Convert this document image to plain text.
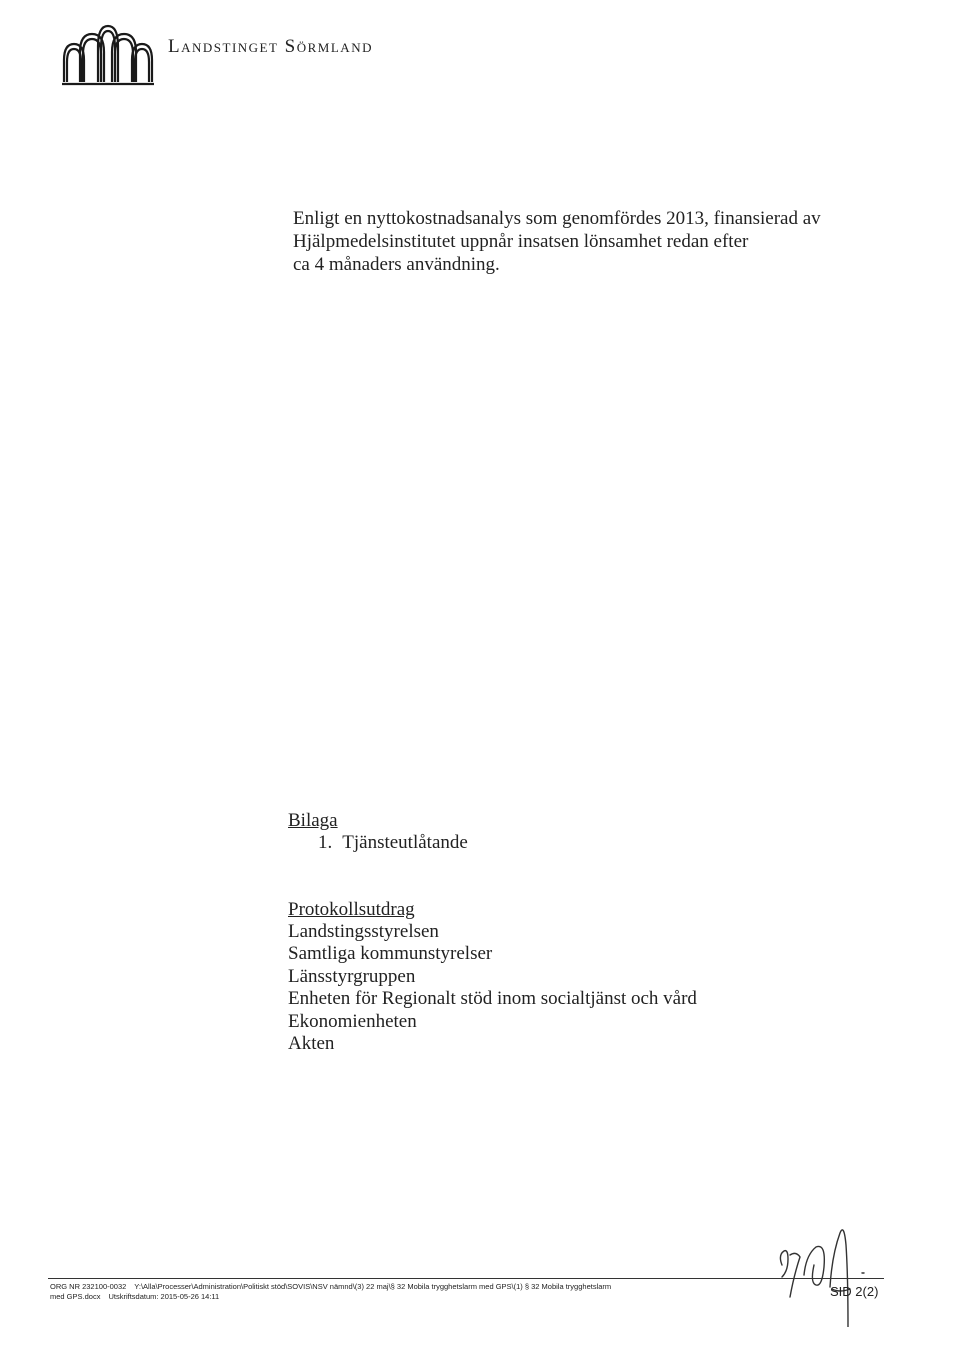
Landstinget Sörmland
Enligt en nyttokostnadsanalys som genomfördes 2013, finansierad av
Hjälpmedelsinstitutet uppnår insatsen lönsamhet redan efter
ca 4 månaders användning.
Bilaga
1. Tjänsteutlåtande
Protokollsutdrag
Landstingsstyrelsen
Samtliga kommunstyrelser
Länsstyrgruppen
Enheten för Regionalt stöd inom socialtjänst och vård
Ekonomienheten
Akten
ORG NR 232100-0032 Y:\Alla\Processer\Administration\Politiskt stöd\SOVIS\NSV nämnd\(3) 22 maj\§ 32 Mobila trygghetslarm med GPS\(1) § 32 Mobila trygghetslarm
med GPS.docx Utskriftsdatum: 2015-05-26 14:11	SID 2(2)
